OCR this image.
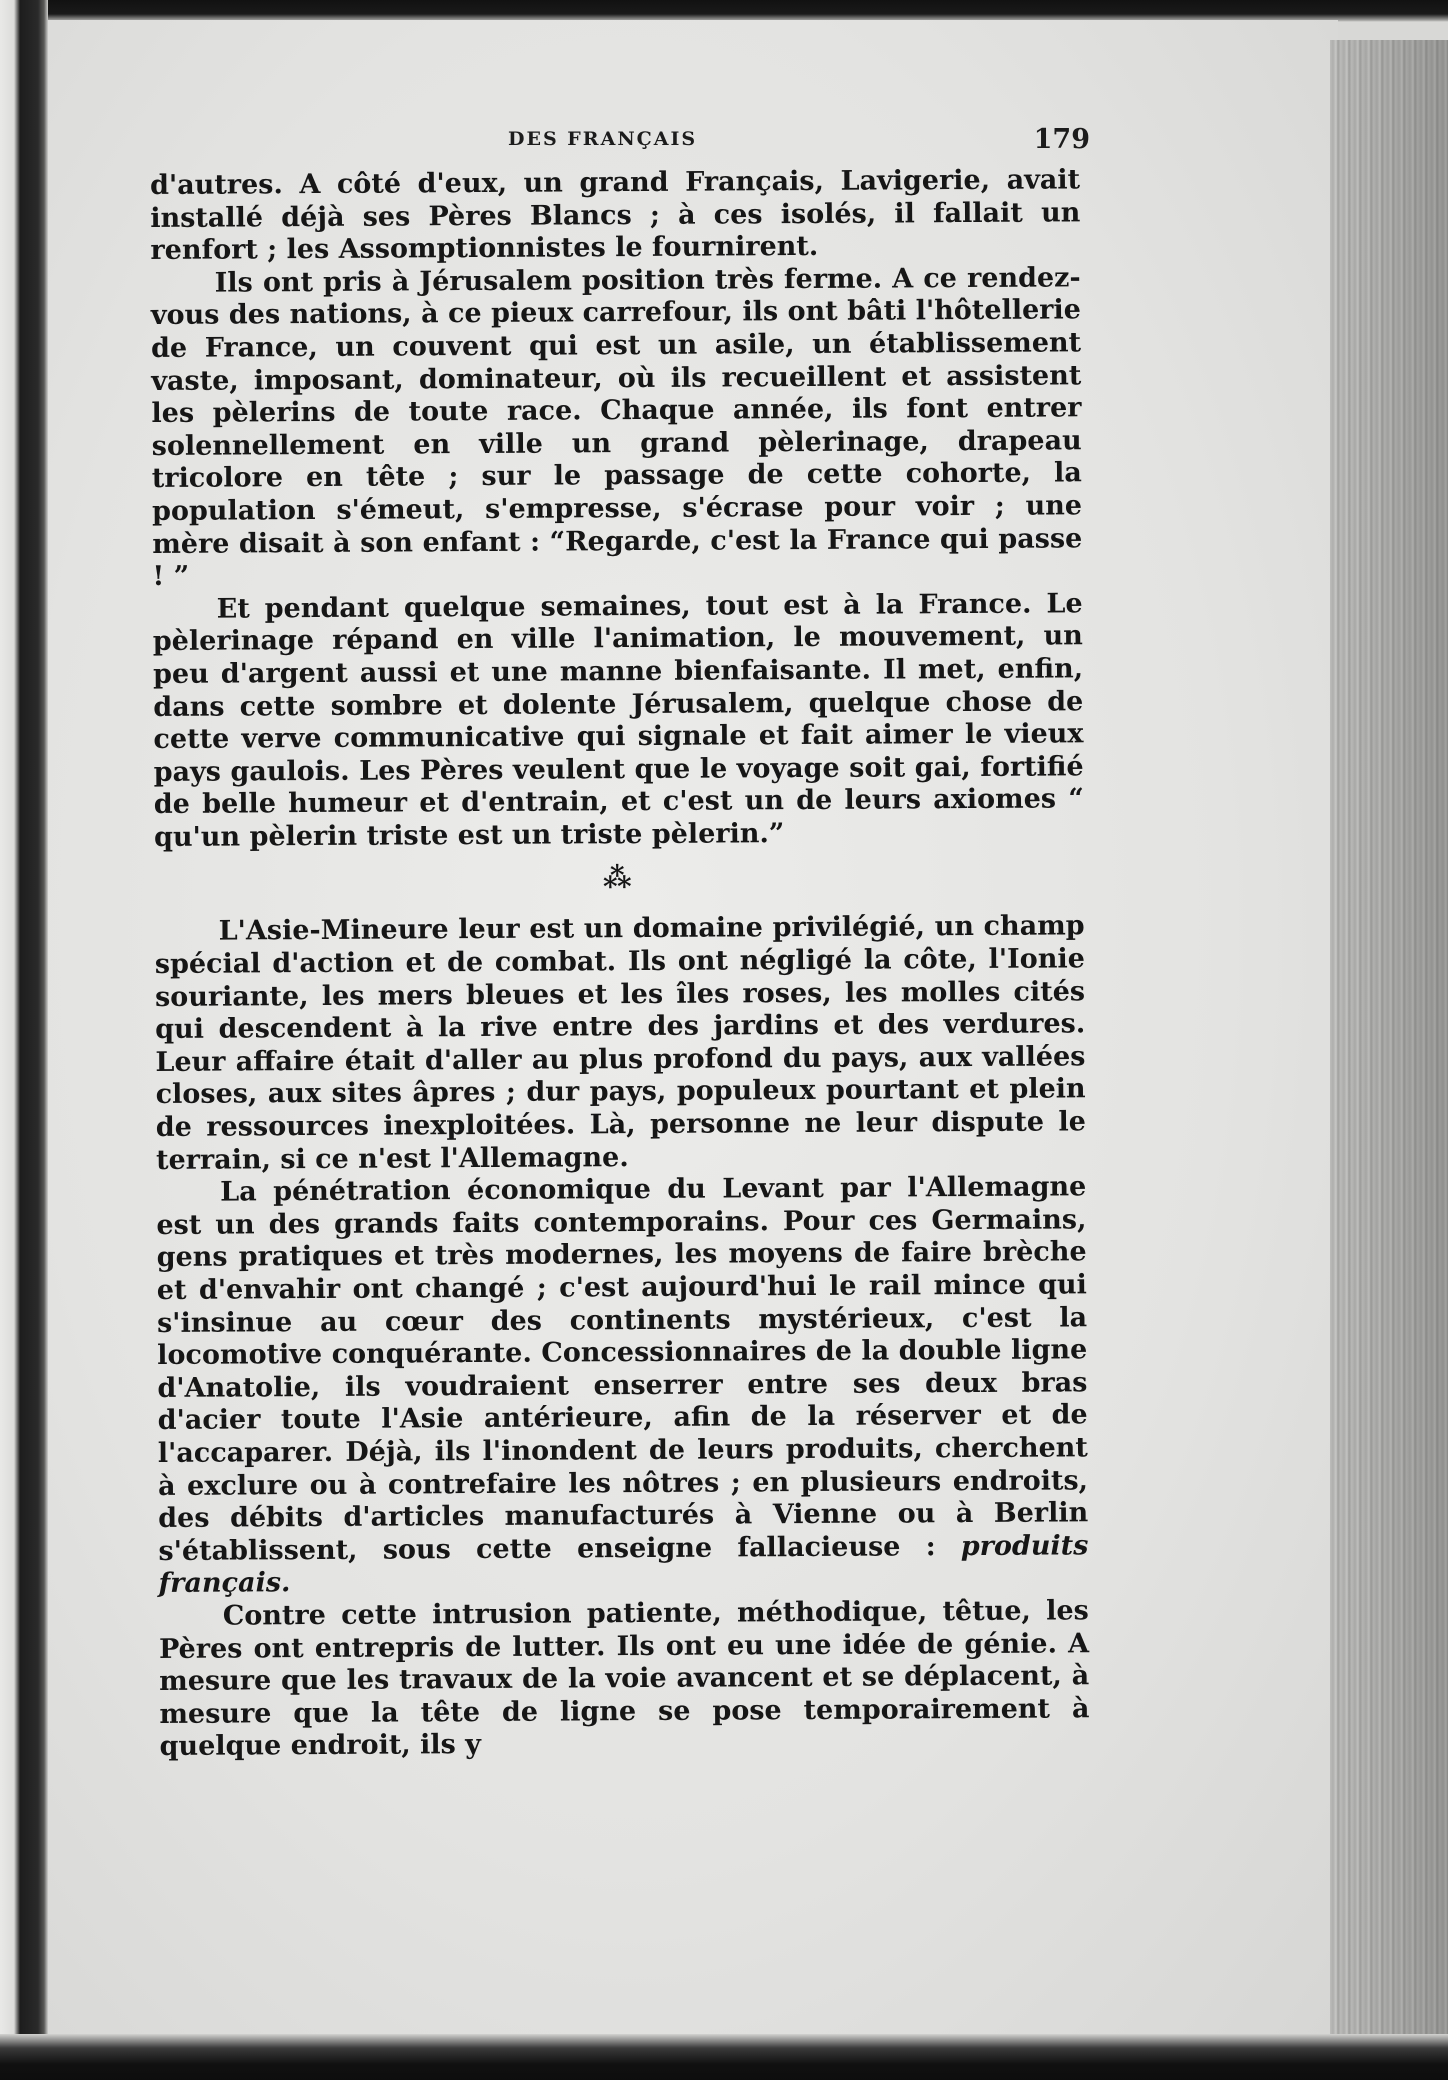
DES FRANÇAIS	179

d'autres. A côté d'eux, un grand Français, Lavigerie, avait installé déjà ses Pères Blancs ; à ces isolés, il fallait un renfort ; les Assomptionnistes le fournirent.

Ils ont pris à Jérusalem position très ferme. A ce rendez-vous des nations, à ce pieux carrefour, ils ont bâti l'hôtellerie de France, un couvent qui est un asile, un établissement vaste, imposant, dominateur, où ils recueillent et assistent les pèlerins de toute race. Chaque année, ils font entrer solennellement en ville un grand pèlerinage, drapeau tricolore en tête ; sur le passage de cette cohorte, la population s'émeut, s'empresse, s'écrase pour voir ; une mère disait à son enfant : “Regarde, c'est la France qui passe ! ”

Et pendant quelque semaines, tout est à la France. Le pèlerinage répand en ville l'animation, le mouvement, un peu d'argent aussi et une manne bienfaisante. Il met, enfin, dans cette sombre et dolente Jérusalem, quelque chose de cette verve communicative qui signale et fait aimer le vieux pays gaulois. Les Pères veulent que le voyage soit gai, fortifié de belle humeur et d'entrain, et c'est un de leurs axiomes “ qu'un pèlerin triste est un triste pèlerin.”

⁂

L'Asie-Mineure leur est un domaine privilégié, un champ spécial d'action et de combat. Ils ont négligé la côte, l'Ionie souriante, les mers bleues et les îles roses, les molles cités qui descendent à la rive entre des jardins et des verdures. Leur affaire était d'aller au plus profond du pays, aux vallées closes, aux sites âpres ; dur pays, populeux pourtant et plein de ressources inexploitées. Là, personne ne leur dispute le terrain, si ce n'est l'Allemagne.

La pénétration économique du Levant par l'Allemagne est un des grands faits contemporains. Pour ces Germains, gens pratiques et très modernes, les moyens de faire brèche et d'envahir ont changé ; c'est aujourd'hui le rail mince qui s'insinue au cœur des continents mystérieux, c'est la locomotive conquérante. Concessionnaires de la double ligne d'Anatolie, ils voudraient enserrer entre ses deux bras d'acier toute l'Asie antérieure, afin de la réserver et de l'accaparer. Déjà, ils l'inondent de leurs produits, cherchent à exclure ou à contrefaire les nôtres ; en plusieurs endroits, des débits d'articles manufacturés à Vienne ou à Berlin s'établissent, sous cette enseigne fallacieuse : produits français.

Contre cette intrusion patiente, méthodique, têtue, les Pères ont entrepris de lutter. Ils ont eu une idée de génie. A mesure que les travaux de la voie avancent et se déplacent, à mesure que la tête de ligne se pose temporairement à quelque endroit, ils y
